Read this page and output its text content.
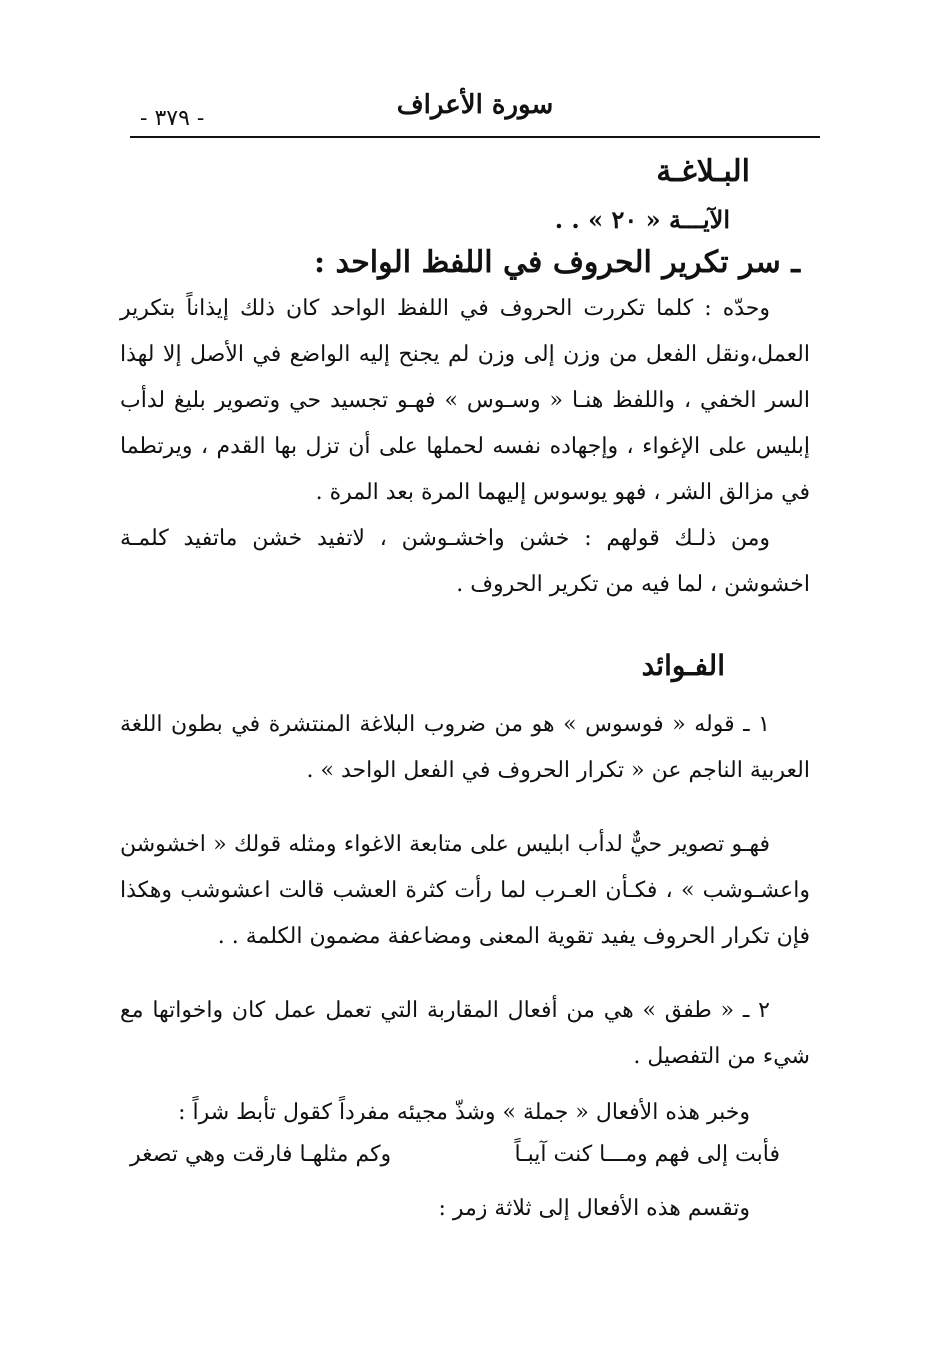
- ٣٧٩ -	سورة الأعراف
البـلاغـة
الآيـــة « ٢٠ » . .
ـ سر تكرير الحروف في اللفظ الواحد :

وحدّه : كلما تكررت الحروف في اللفظ الواحد كان ذلك إيذاناً بتكرير العمل،ونقل الفعل من وزن إلى وزن لم يجنح إليه الواضع في الأصل إلا لهذا السر الخفي ، واللفظ هنـا « وسـوس » فهـو تجسيد حي وتصوير بليغ لدأب إبليس على الإغواء ، وإجهاده نفسه لحملها على أن تزل بها القدم ، ويرتطما في مزالق الشر ، فهو يوسوس إليهما المرة بعد المرة .

ومن ذلـك قولهم : خشن واخشـوشن ، لاتفيد خشن ماتفيد كلمـة اخشوشن ، لما فيه من تكرير الحروف .

الفـوائد

١ ـ قوله « فوسوس » هو من ضروب البلاغة المنتشرة في بطون اللغة العربية الناجم عن « تكرار الحروف في الفعل الواحد » .

فهـو تصوير حيٌّ لدأب ابليس على متابعة الاغواء ومثله قولك « اخشوشن واعشـوشب » ، فكـأن العـرب لما رأت كثرة العشب قالت اعشوشب وهكذا فإن تكرار الحروف يفيد تقوية المعنى ومضاعفة مضمون الكلمة . .

٢ ـ « طفق » هي من أفعال المقاربة التي تعمل عمل كان واخواتها مع شيء من التفصيل .

وخبر هذه الأفعال « جملة » وشذّ مجيئه مفرداً كقول تأبط شراً :

فأبت إلى فهم ومـــا كنت آيبـاً
وكم مثلهـا فارقت وهي تصغر

وتقسم هذه الأفعال إلى ثلاثة زمر :
